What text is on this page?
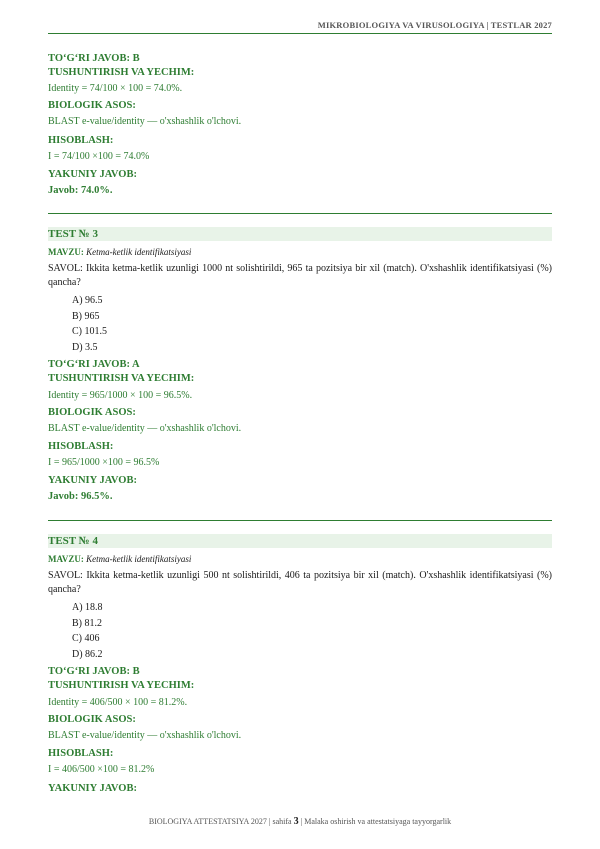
MIKROBIOLOGIYA VA VIRUSOLOGIYA | TESTLAR 2027
TO‘G‘RI JAVOB: B
TUSHUNTIRISH VA YECHIM:
Identity = 74/100 × 100 = 74.0%.
BIOLOGIK ASOS:
BLAST e-value/identity — o'xshashlik o'lchovi.
HISOBLASH:
I = 74/100 ×100 = 74.0%
YAKUNIY JAVOB:
Javob: 74.0%.
TEST № 3
MAVZU: Ketma-ketlik identifikatsiyasi
SAVOL: Ikkita ketma-ketlik uzunligi 1000 nt solishtirildi, 965 ta pozitsiya bir xil (match). O'xshashlik identifikatsiyasi (%) qancha?
A) 96.5
B) 965
C) 101.5
D) 3.5
TO‘G‘RI JAVOB: A
TUSHUNTIRISH VA YECHIM:
Identity = 965/1000 × 100 = 96.5%.
BIOLOGIK ASOS:
BLAST e-value/identity — o'xshashlik o'lchovi.
HISOBLASH:
I = 965/1000 ×100 = 96.5%
YAKUNIY JAVOB:
Javob: 96.5%.
TEST № 4
MAVZU: Ketma-ketlik identifikatsiyasi
SAVOL: Ikkita ketma-ketlik uzunligi 500 nt solishtirildi, 406 ta pozitsiya bir xil (match). O'xshashlik identifikatsiyasi (%) qancha?
A) 18.8
B) 81.2
C) 406
D) 86.2
TO‘G‘RI JAVOB: B
TUSHUNTIRISH VA YECHIM:
Identity = 406/500 × 100 = 81.2%.
BIOLOGIK ASOS:
BLAST e-value/identity — o'xshashlik o'lchovi.
HISOBLASH:
I = 406/500 ×100 = 81.2%
YAKUNIY JAVOB:
BIOLOGIYA ATTESTATSIYA 2027 | sahifa 3 | Malaka oshirish va attestatsiyaga tayyorgarlik
